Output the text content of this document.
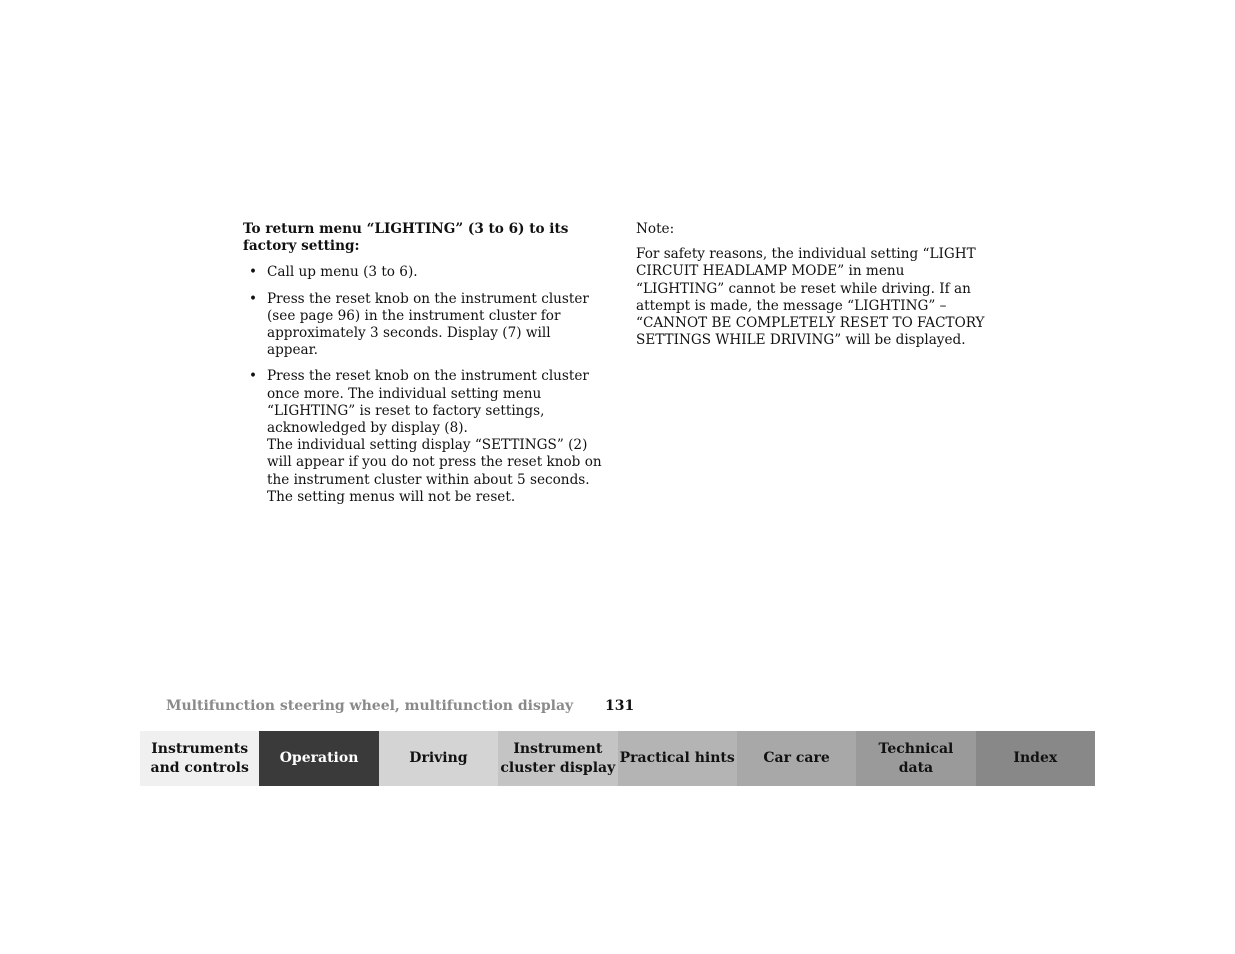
To return menu “LIGHTING” (3 to 6) to its factory setting:

• Call up menu (3 to 6).
• Press the reset knob on the instrument cluster (see page 96) in the instrument cluster for approximately 3 seconds. Display (7) will appear.
• Press the reset knob on the instrument cluster once more. The individual setting menu “LIGHTING” is reset to factory settings, acknowledged by display (8).

The individual setting display “SETTINGS” (2) will appear if you do not press the reset knob on the instrument cluster within about 5 seconds. The setting menus will not be reset.

Note:

For safety reasons, the individual setting “LIGHT CIRCUIT HEADLAMP MODE” in menu “LIGHTING” cannot be reset while driving. If an attempt is made, the message “LIGHTING” – “CANNOT BE COMPLETELY RESET TO FACTORY SETTINGS WHILE DRIVING” will be displayed.

Multifunction steering wheel, multifunction display 131
Instruments
and controls
Operation	Driving
Instrument
cluster display
Practical hints	Car care
Technical
data
Index
